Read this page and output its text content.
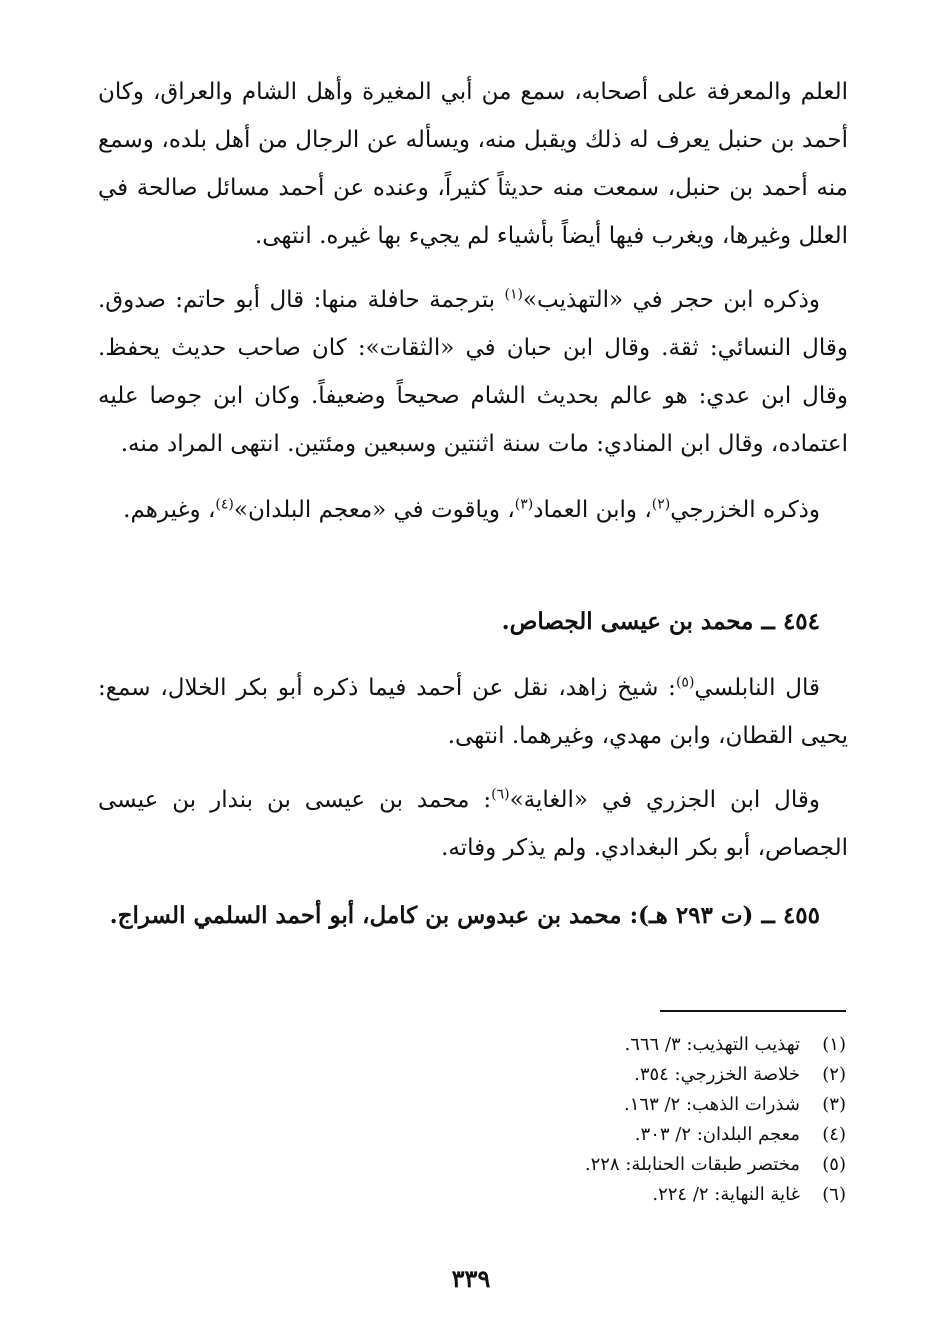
العلم والمعرفة على أصحابه، سمع من أبي المغيرة وأهل الشام والعراق، وكان أحمد بن حنبل يعرف له ذلك ويقبل منه، ويسأله عن الرجال من أهل بلده، وسمع منه أحمد بن حنبل، سمعت منه حديثاً كثيراً، وعنده عن أحمد مسائل صالحة في العلل وغيرها، ويغرب فيها أيضاً بأشياء لم يجيء بها غيره. انتهى.

وذكره ابن حجر في «التهذيب»$^{(١)}$ بترجمة حافلة منها: قال أبو حاتم: صدوق. وقال النسائي: ثقة. وقال ابن حبان في «الثقات»: كان صاحب حديث يحفظ. وقال ابن عدي: هو عالم بحديث الشام صحيحاً وضعيفاً. وكان ابن جوصا عليه اعتماده، وقال ابن المنادي: مات سنة اثنتين وسبعين ومئتين. انتهى المراد منه.

وذكره الخزرجي$^{(٢)}$، وابن العماد$^{(٣)}$، وياقوت في «معجم البلدان»$^{(٤)}$، وغيرهم.

٤٥٤ ــ محمد بن عيسى الجصاص.

قال النابلسي$^{(٥)}$: شيخ زاهد، نقل عن أحمد فيما ذكره أبو بكر الخلال، سمع: يحيى القطان، وابن مهدي، وغيرهما. انتهى.

وقال ابن الجزري في «الغاية»$^{(٦)}$: محمد بن عيسى بن بندار بن عيسى الجصاص، أبو بكر البغدادي. ولم يذكر وفاته.

٤٥٥ ــ (ت ٢٩٣ هـ): محمد بن عبدوس بن كامل، أبو أحمد السلمي السراج.

(١)
تهذيب التهذيب: ٣/ ٦٦٦.
(٢)
خلاصة الخزرجي: ٣٥٤.
(٣)
شذرات الذهب: ٢/ ١٦٣.
(٤)
معجم البلدان: ٢/ ٣٠٣.
(٥)
مختصر طبقات الحنابلة: ٢٢٨.
(٦)
غاية النهاية: ٢/ ٢٢٤.
٣٣٩
